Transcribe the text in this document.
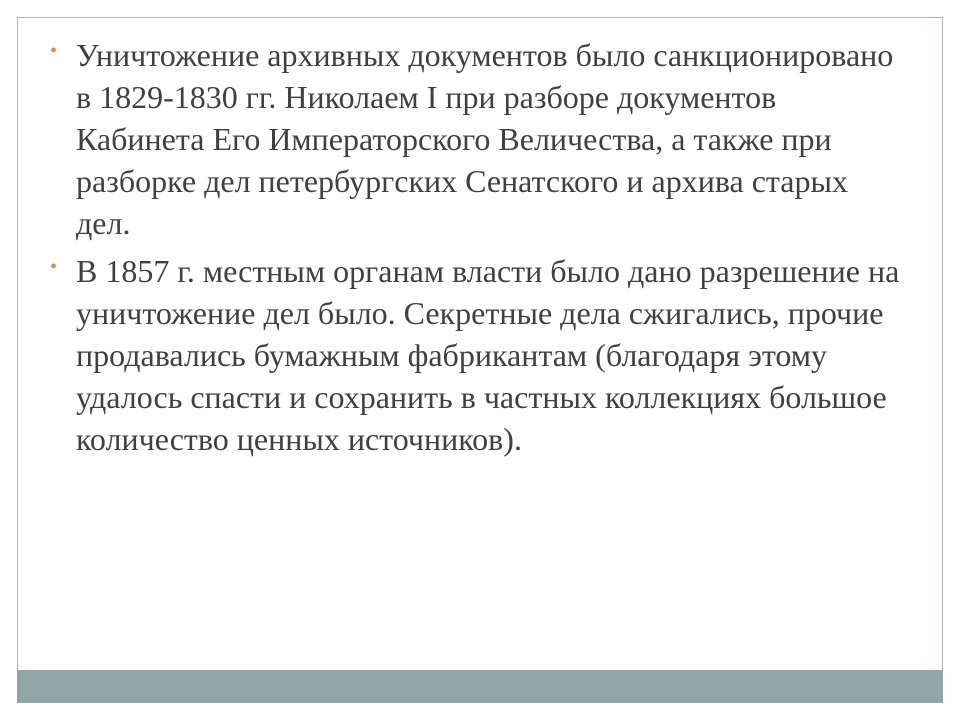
• Уничтожение архивных документов было санкционировано в 1829-1830 гг. Николаем I при разборе документов Кабинета Его Императорского Величества, а также при разборке дел петербургских Сенатского и архива старых дел.
• В 1857 г. местным органам власти было дано разрешение на уничтожение дел было. Секретные дела сжигались, прочие продавались бумажным фабрикантам (благодаря этому удалось спасти и сохранить в частных коллекциях большое количество ценных источников).
